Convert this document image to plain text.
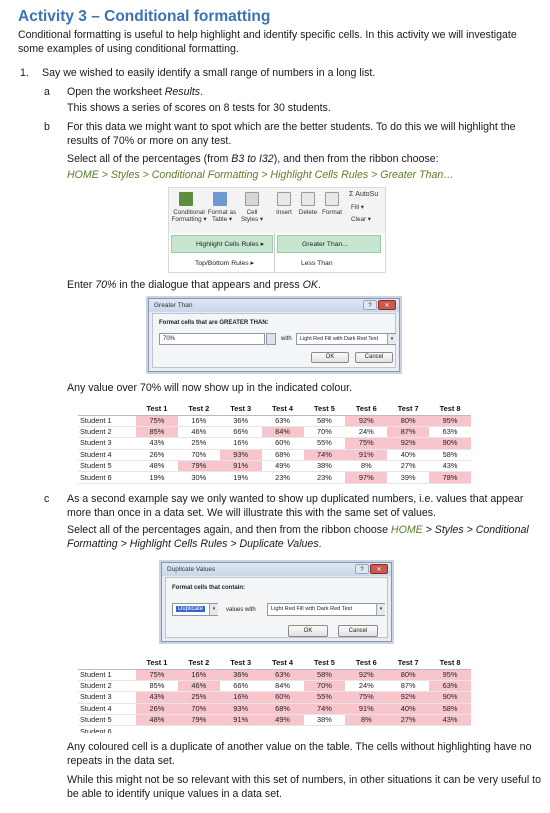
Activity 3 – Conditional formatting
Conditional formatting is useful to help highlight and identify specific cells. In this activity we will investigate some examples of using conditional formatting.
1. Say we wished to easily identify a small range of numbers in a long list.
a Open the worksheet Results.
This shows a series of scores on 8 tests for 30 students.
b For this data we might want to spot which are the better students. To do this we will highlight the results of 70% or more on any test.
Select all of the percentages (from B3 to I32), and then from the ribbon choose:
HOME > Styles > Conditional Formatting > Highlight Cells Rules > Greater Than…
Conditional Formatting ▾
Format as Table ▾
Cell Styles ▾
Insert	Delete Format
Σ AutoSu
Fill ▾
Clear ▾
Highlight Cells Rules ▸
Top/Bottom Rules ▸
Greater Than...
Less Than
Enter 70% in the dialogue that appears and press OK.
Greater Than	?	✕
Format cells that are GREATER THAN:
70%	with	Light Red Fill with Dark Red Text	▾
OK	Cancel
Any value over 70% will now show up in the indicated colour.
	Test 1	Test 2	Test 3	Test 4	Test 5	Test 6	Test 7	Test 8
Student 1	75%	16%	36%	63%	58%	92%	80%	95%
Student 2	85%	46%	66%	84%	70%	24%	87%	63%
Student 3	43%	25%	16%	60%	55%	75%	92%	90%
Student 4	26%	70%	93%	68%	74%	91%	40%	58%
Student 5	48%	79%	91%	49%	38%	8%	27%	43%
Student 6	19%	30%	19%	23%	23%	97%	39%	78%
c As a second example say we only wanted to show up duplicated numbers, i.e. values that appear more than once in a data set. We will illustrate this with the same set of values.
Select all of the percentages again, and then from the ribbon choose HOME > Styles > Conditional Formatting > Highlight Cells Rules > Duplicate Values.
Duplicate Values	?	✕
Format cells that contain:
Duplicate	▾	values with	Light Red Fill with Dark Red Text	▾
OK	Cancel
	Test 1	Test 2	Test 3	Test 4	Test 5	Test 6	Test 7	Test 8
Student 1	75%	16%	36%	63%	58%	92%	80%	95%
Student 2	85%	46%	66%	84%	70%	24%	87%	63%
Student 3	43%	25%	16%	60%	55%	75%	92%	90%
Student 4	26%	70%	93%	68%	74%	91%	40%	58%
Student 5	48%	79%	91%	49%	38%	8%	27%	43%
Student 6								
Any coloured cell is a duplicate of another value on the table. The cells without highlighting have no repeats in the data set.
While this might not be so relevant with this set of numbers, in other situations it can be very useful to be able to identify unique values in a data set.
